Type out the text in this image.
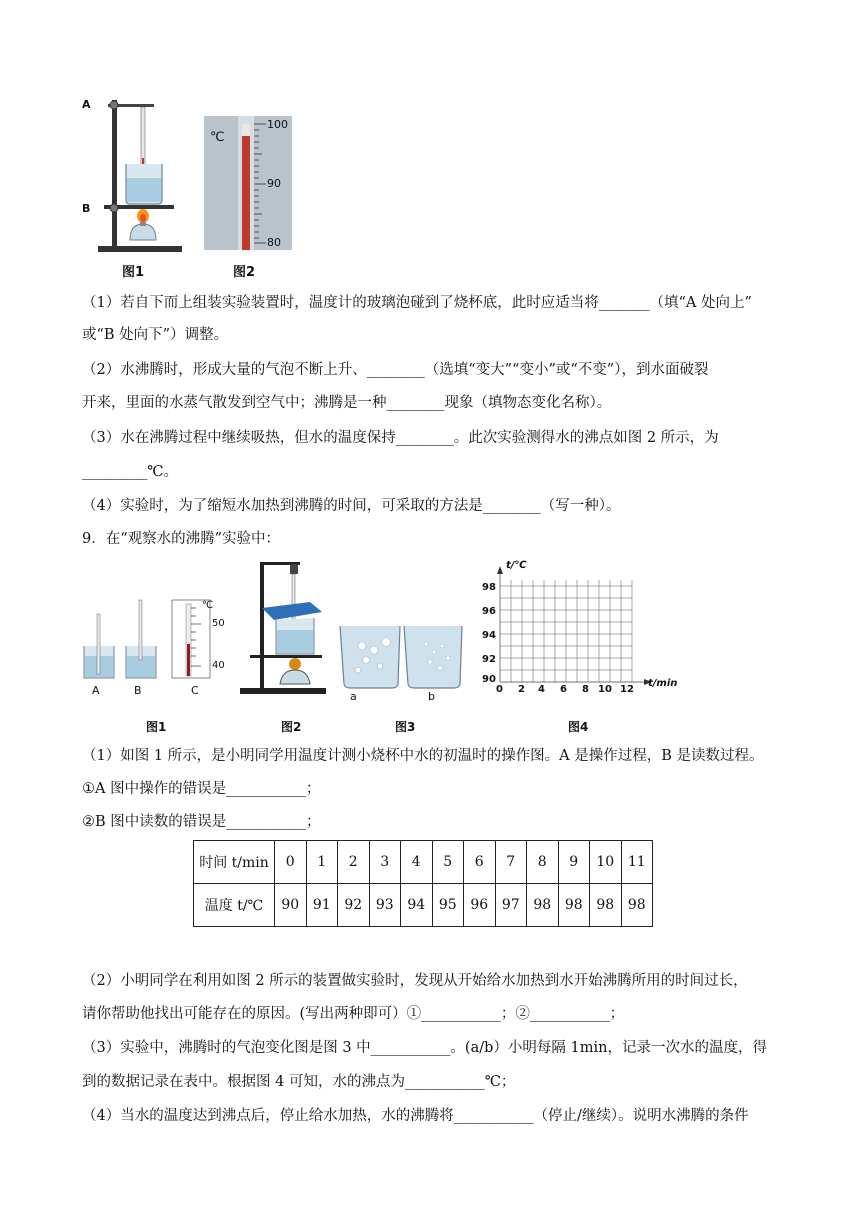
A
B
图1
℃
100
90
80
图2
（1）若自下而上组装实验装置时，温度计的玻璃泡碰到了烧杯底，此时应适当将_______（填“A 处向上”
或“B 处向下”）调整。
（2）水沸腾时，形成大量的气泡不断上升、________（选填“变大”“变小”或“不变”），到水面破裂
开来，里面的水蒸气散发到空气中；沸腾是一种________现象（填物态变化名称）。
（3）水在沸腾过程中继续吸热，但水的温度保持________。此次实验测得水的沸点如图 2 所示，为
_________℃。
（4）实验时，为了缩短水加热到沸腾的时间，可采取的方法是________（写一种）。
9．在“观察水的沸腾”实验中：
A	B	C
℃
50
40
图1	图2
a	b
图3
t/℃
t/min
98
96
94
92
90
0 2 4 6 8 10 12
图4
（1）如图 1 所示，是小明同学用温度计测小烧杯中水的初温时的操作图。A 是操作过程，B 是读数过程。
①A 图中操作的错误是___________；
②B 图中读数的错误是___________；
时间 t/min	0	1	2	3	4	5	6	7	8	9	10	11
温度 t/℃	90	91	92	93	94	95	96	97	98	98	98	98
（2）小明同学在利用如图 2 所示的装置做实验时，发现从开始给水加热到水开始沸腾所用的时间过长，
请你帮助他找出可能存在的原因。(写出两种即可）①___________；②___________；
（3）实验中，沸腾时的气泡变化图是图 3 中___________。(a/b）小明每隔 1min，记录一次水的温度，得
到的数据记录在表中。根据图 4 可知，水的沸点为___________℃；
（4）当水的温度达到沸点后，停止给水加热，水的沸腾将___________（停止/继续）。说明水沸腾的条件
